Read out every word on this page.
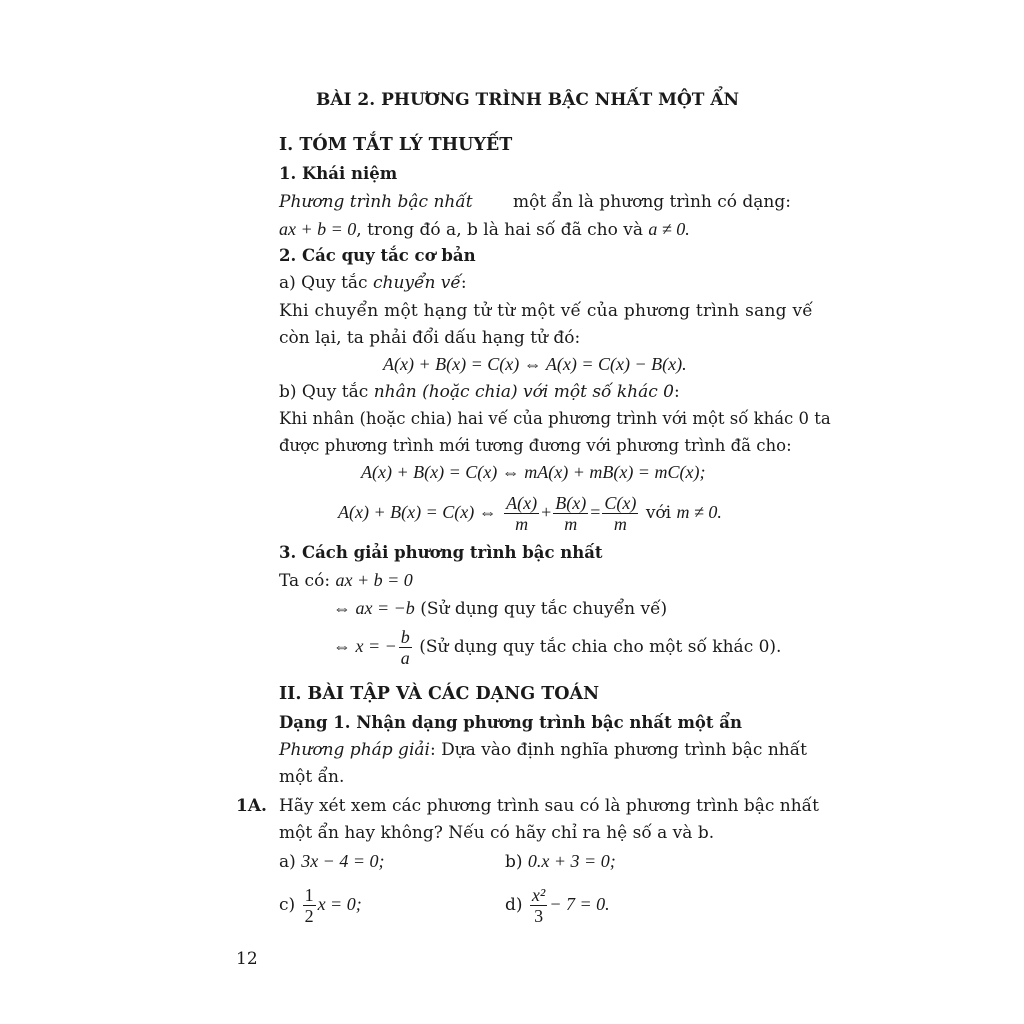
BÀI 2. PHƯƠNG TRÌNH BẬC NHẤT MỘT ẨN
I. TÓM TẮT LÝ THUYẾT
1. Khái niệm
Phương trình bậc nhất một ẩn là phương trình có dạng:
ax + b = 0, trong đó a, b là hai số đã cho và a ≠ 0.
2. Các quy tắc cơ bản
a) Quy tắc chuyển vế:
Khi chuyển một hạng tử từ một vế của phương trình sang vế
còn lại, ta phải đổi dấu hạng tử đó:
A(x) + B(x) = C(x) ⇔ A(x) = C(x) − B(x).
b) Quy tắc nhân (hoặc chia) với một số khác 0:
Khi nhân (hoặc chia) hai vế của phương trình với một số khác 0 ta
được phương trình mới tương đương với phương trình đã cho:
A(x) + B(x) = C(x) ⇔ mA(x) + mB(x) = mC(x);
A(x) + B(x) = C(x) ⇔ $\frac{A(x)}{m} + \frac{B(x)}{m} = \frac{C(x)}{m}$ với m ≠ 0.
3. Cách giải phương trình bậc nhất
Ta có: ax + b = 0
⇔ ax = −b (Sử dụng quy tắc chuyển vế)
⇔ x = − $\frac{b}{a}$ (Sử dụng quy tắc chia cho một số khác 0).
II. BÀI TẬP VÀ CÁC DẠNG TOÁN
Dạng 1. Nhận dạng phương trình bậc nhất một ẩn
Phương pháp giải: Dựa vào định nghĩa phương trình bậc nhất
một ẩn.
1A. Hãy xét xem các phương trình sau có là phương trình bậc nhất
một ẩn hay không? Nếu có hãy chỉ ra hệ số a và b.
a) 3x − 4 = 0;	b) 0.x + 3 = 0;
$c) \frac{1}{2}$ x = 0;	$d) \frac{\text{x²}}{3} - 7 = 0$.
12
